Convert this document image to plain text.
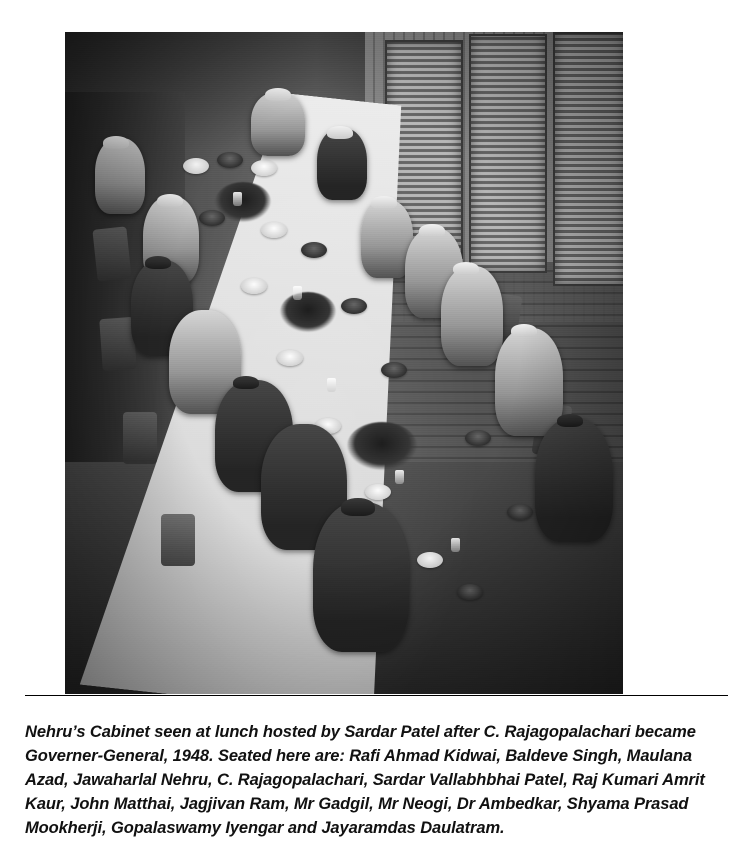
Nehru’s Cabinet seen at lunch hosted by Sardar Patel after C. Rajagopalachari became Governer-General, 1948. Seated here are: Rafi Ahmad Kidwai, Baldeve Singh, Maulana Azad, Jawaharlal Nehru, C. Rajagopalachari, Sardar Vallabhbhai Patel, Raj Kumari Amrit Kaur, John Matthai, Jagjivan Ram, Mr Gadgil, Mr Neogi, Dr Ambedkar, Shyama Prasad Mookherji, Gopalaswamy Iyengar and Jayaramdas Daulatram.
